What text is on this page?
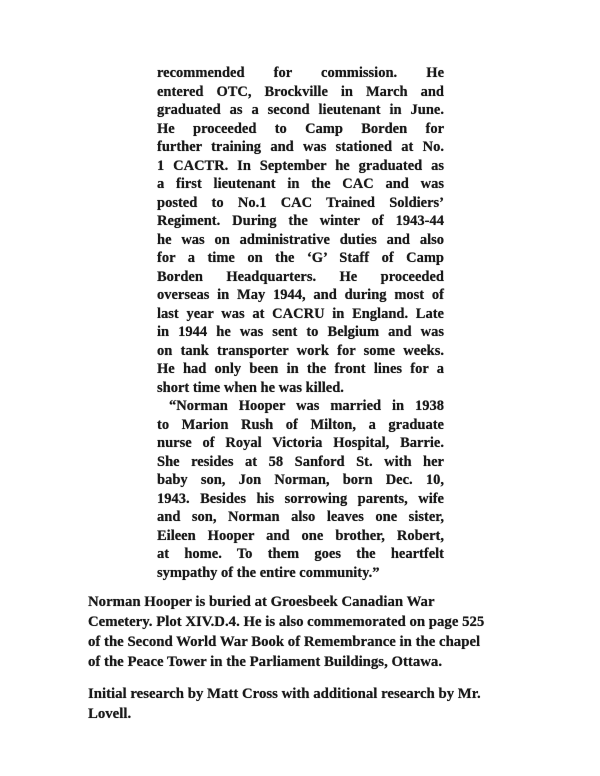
recommended for commission. He
entered OTC, Brockville in March and
graduated as a second lieutenant in June.
He proceeded to Camp Borden for
further training and was stationed at No.
1 CACTR. In September he graduated as
a first lieutenant in the CAC and was
posted to No.1 CAC Trained Soldiers’
Regiment. During the winter of 1943-44
he was on administrative duties and also
for a time on the ‘G’ Staff of Camp
Borden Headquarters. He proceeded
overseas in May 1944, and during most of
last year was at CACRU in England. Late
in 1944 he was sent to Belgium and was
on tank transporter work for some weeks.
He had only been in the front lines for a
short time when he was killed.
“Norman Hooper was married in 1938
to Marion Rush of Milton, a graduate
nurse of Royal Victoria Hospital, Barrie.
She resides at 58 Sanford St. with her
baby son, Jon Norman, born Dec. 10,
1943. Besides his sorrowing parents, wife
and son, Norman also leaves one sister,
Eileen Hooper and one brother, Robert,
at home. To them goes the heartfelt
sympathy of the entire community.”
Norman Hooper is buried at Groesbeek Canadian War
Cemetery. Plot XIV.D.4. He is also commemorated on page 525
of the Second World War Book of Remembrance in the chapel
of the Peace Tower in the Parliament Buildings, Ottawa.
Initial research by Matt Cross with additional research by Mr.
Lovell.
